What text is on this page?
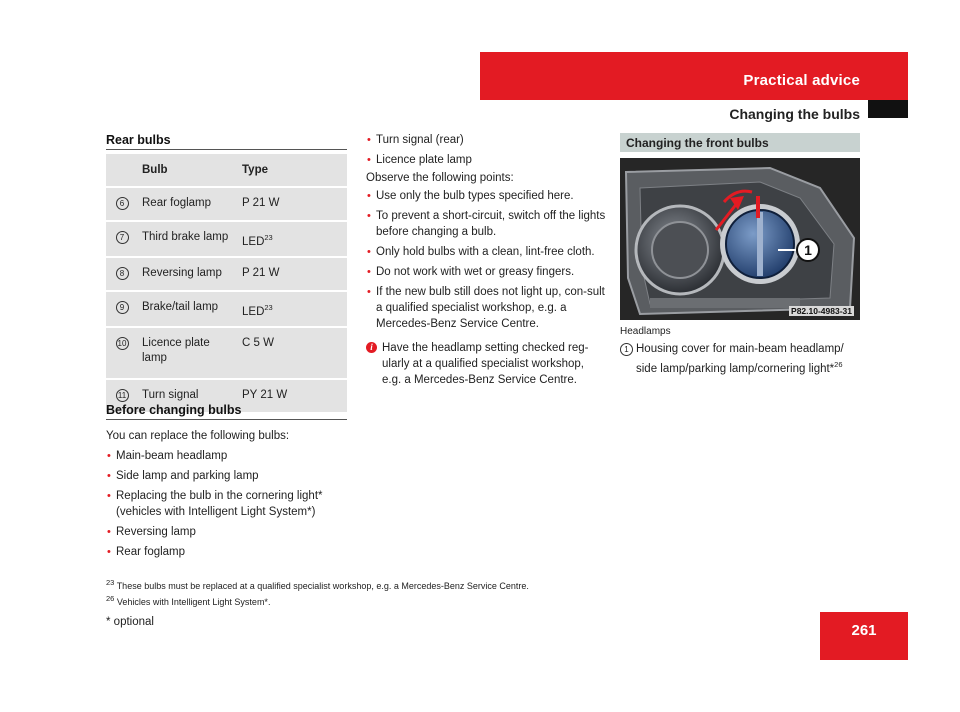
Practical advice
Changing the bulbs
Rear bulbs
	Bulb	Type
6	Rear foglamp	P 21 W
7	Third brake lamp	LED$^{23}$
8	Reversing lamp	P 21 W
9	Brake/tail lamp	LED$^{23}$
10	Licence plate lamp	C 5 W
11	Turn signal	PY 21 W
Before changing bulbs
You can replace the following bulbs:
• Main-beam headlamp
• Side lamp and parking lamp
• Replacing the bulb in the cornering light* (vehicles with Intelligent Light System*)
• Reversing lamp
• Rear foglamp
• Turn signal (rear)
• Licence plate lamp
Observe the following points:
• Use only the bulb types specified here.
• To prevent a short-circuit, switch off the lights before changing a bulb.
• Only hold bulbs with a clean, lint-free cloth.
• Do not work with wet or greasy fingers.
• If the new bulb still does not light up, con-sult a qualified specialist workshop, e.g. a Mercedes-Benz Service Centre.
i Have the headlamp setting checked reg-ularly at a qualified specialist workshop, e.g. a Mercedes-Benz Service Centre.
Changing the front bulbs
1
P82.10-4983-31
Headlamps
1 Housing cover for main-beam headlamp/ side lamp/parking lamp/cornering light*$^{26}$
$^{23}$ These bulbs must be replaced at a qualified specialist workshop, e.g. a Mercedes-Benz Service Centre.
$^{26}$ Vehicles with Intelligent Light System*.
* optional	261
